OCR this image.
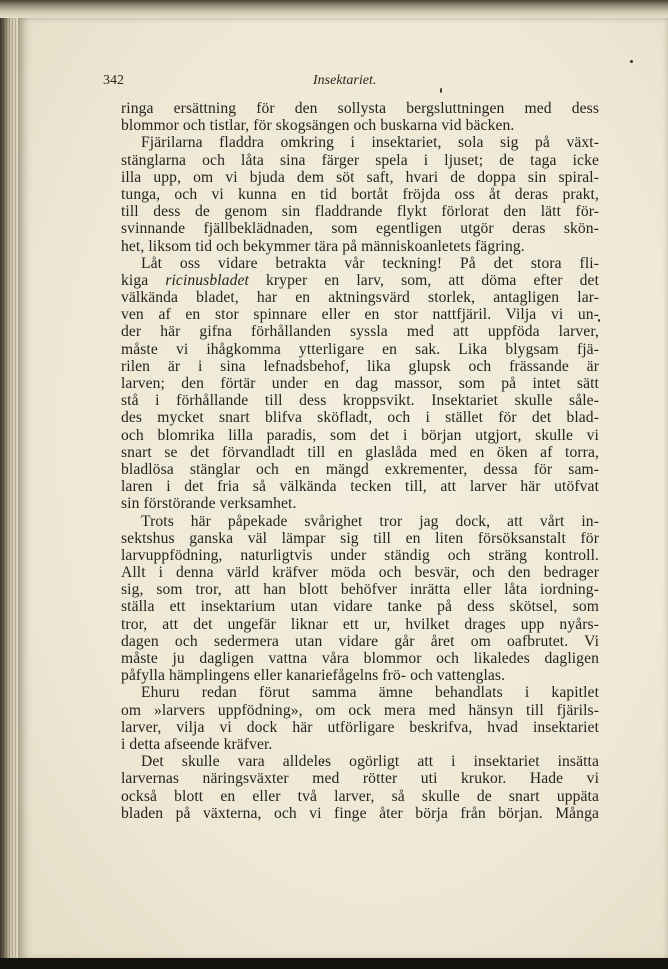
342	Insektariet.
ringa ersättning för den sollysta bergsluttningen med dess
blommor och tistlar, för skogsängen och buskarna vid bäcken.
Fjärilarna fladdra omkring i insektariet, sola sig på växt-
stänglarna och låta sina färger spela i ljuset; de taga icke
illa upp, om vi bjuda dem söt saft, hvari de doppa sin spiral-
tunga, och vi kunna en tid bortåt fröjda oss åt deras prakt,
till dess de genom sin fladdrande flykt förlorat den lätt för-
svinnande fjällbeklädnaden, som egentligen utgör deras skön-
het, liksom tid och bekymmer tära på människoanletets fägring.
Låt oss vidare betrakta vår teckning! På det stora fli-
kiga ricinusbladet kryper en larv, som, att döma efter det
välkända bladet, har en aktningsvärd storlek, antagligen lar-
ven af en stor spinnare eller en stor nattfjäril. Vilja vi un-
der här gifna förhållanden syssla med att uppföda larver,
måste vi ihågkomma ytterligare en sak. Lika blygsam fjä-
rilen är i sina lefnadsbehof, lika glupsk och frässande är
larven; den förtär under en dag massor, som på intet sätt
stå i förhållande till dess kroppsvikt. Insektariet skulle såle-
des mycket snart blifva sköfladt, och i stället för det blad-
och blomrika lilla paradis, som det i början utgjort, skulle vi
snart se det förvandladt till en glaslåda med en öken af torra,
bladlösa stänglar och en mängd exkrementer, dessa för sam-
laren i det fria så välkända tecken till, att larver här utöfvat
sin förstörande verksamhet.
Trots här påpekade svårighet tror jag dock, att vårt in-
sektshus ganska väl lämpar sig till en liten försöksanstalt för
larvuppfödning, naturligtvis under ständig och sträng kontroll.
Allt i denna värld kräfver möda och besvär, och den bedrager
sig, som tror, att han blott behöfver inrätta eller låta iordning-
ställa ett insektarium utan vidare tanke på dess skötsel, som
tror, att det ungefär liknar ett ur, hvilket drages upp nyårs-
dagen och sedermera utan vidare går året om oafbrutet. Vi
måste ju dagligen vattna våra blommor och likaledes dagligen
påfylla hämplingens eller kanariefågelns frö- och vattenglas.
Ehuru redan förut samma ämne behandlats i kapitlet
om »larvers uppfödning», om ock mera med hänsyn till fjärils-
larver, vilja vi dock här utförligare beskrifva, hvad insektariet
i detta afseende kräfver.
Det skulle vara alldeles ogörligt att i insektariet insätta
larvernas näringsväxter med rötter uti krukor. Hade vi
också blott en eller två larver, så skulle de snart uppäta
bladen på växterna, och vi finge åter börja från början. Många
